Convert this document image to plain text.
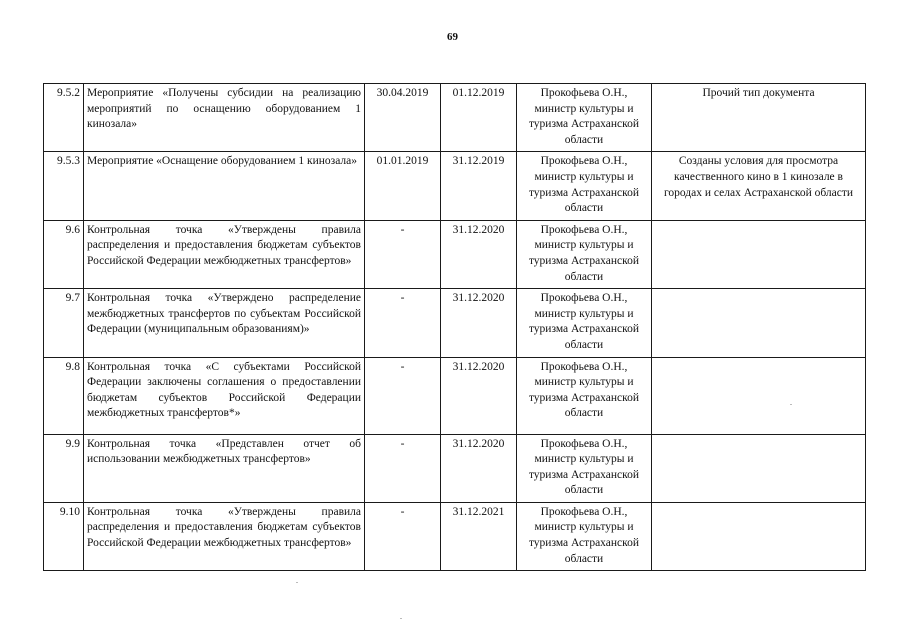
69
9.5.2	Мероприятие «Получены субсидии на реализацию мероприятий по оснащению оборудованием 1 кинозала»	30.04.2019	01.12.2019	Прокофьева О.Н., министр культуры и туризма Астраханской области	Прочий тип документа
9.5.3	Мероприятие «Оснащение оборудованием 1 кинозала»	01.01.2019	31.12.2019	Прокофьева О.Н., министр культуры и туризма Астраханской области	Созданы условия для просмотра качественного кино в 1 кинозале в городах и селах Астраханской области
9.6	Контрольная точка «Утверждены правила распределения и предоставления бюджетам субъектов Российской Федерации межбюджетных трансфертов»	-	31.12.2020	Прокофьева О.Н., министр культуры и туризма Астраханской области	
9.7	Контрольная точка «Утверждено распределение межбюджетных трансфертов по субъектам Российской Федерации (муниципальным образованиям)»	-	31.12.2020	Прокофьева О.Н., министр культуры и туризма Астраханской области	
9.8	Контрольная точка «С субъектами Российской Федерации заключены соглашения о предоставлении бюджетам субъектов Российской Федерации межбюджетных трансфертов*»	-	31.12.2020	Прокофьева О.Н., министр культуры и туризма Астраханской области	
9.9	Контрольная точка «Представлен отчет об использовании межбюджетных трансфертов»	-	31.12.2020	Прокофьева О.Н., министр культуры и туризма Астраханской области	
9.10	Контрольная точка «Утверждены правила распределения и предоставления бюджетам субъектов Российской Федерации межбюджетных трансфертов»	-	31.12.2021	Прокофьева О.Н., министр культуры и туризма Астраханской области	
